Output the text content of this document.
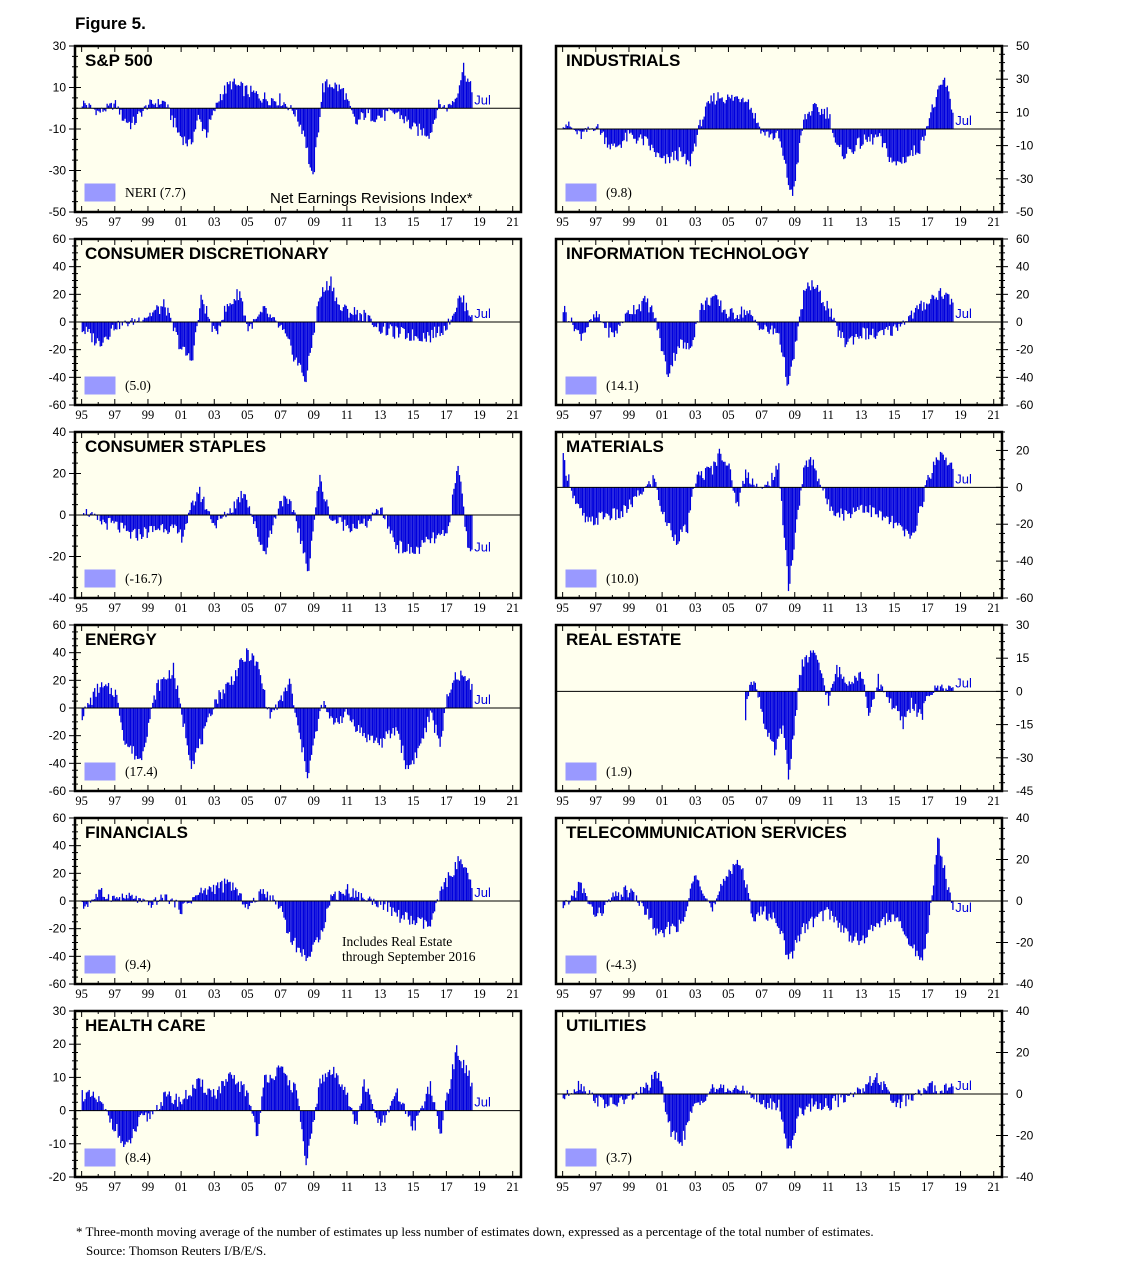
Figure 5.
-50
-30
-10
10
30
95 97 99 01 03 05 07 09 11 13 15 17 19 21
S&P 500
Jul
NERI (7.7)	Net Earnings Revisions Index*
-50
-30
-10
10
30
50
95 97 99 01 03 05 07 09 11 13 15 17 19 21
INDUSTRIALS
Jul
(9.8)
-60
-40
-20
0
20
40
60
95 97 99 01 03 05 07 09 11 13 15 17 19 21
CONSUMER DISCRETIONARY
Jul
(5.0)
-60
-40
-20
0
20
40
60
95 97 99 01 03 05 07 09 11 13 15 17 19 21
INFORMATION TECHNOLOGY
Jul
(14.1)
-40
-20
0
20
40
95 97 99 01 03 05 07 09 11 13 15 17 19 21
CONSUMER STAPLES
Jul
(-16.7)
-60
-40
-20
0
20
95 97 99 01 03 05 07 09 11 13 15 17 19 21
MATERIALS
Jul
(10.0)
-60
-40
-20
0
20
40
60
95 97 99 01 03 05 07 09 11 13 15 17 19 21
ENERGY
Jul
(17.4)
-45
-30
-15
0
15
30
95 97 99 01 03 05 07 09 11 13 15 17 19 21
REAL ESTATE
Jul
(1.9)
-60
-40
-20
0
20
40
60
95 97 99 01 03 05 07 09 11 13 15 17 19 21
FINANCIALS
Jul
(9.4)
Includes Real Estate
through September 2016
-40
-20
0
20
40
95 97 99 01 03 05 07 09 11 13 15 17 19 21
TELECOMMUNICATION SERVICES
Jul
(-4.3)
-20
-10
0
10
20
30
95 97 99 01 03 05 07 09 11 13 15 17 19 21
HEALTH CARE
Jul
(8.4)
-40
-20
0
20
40
95 97 99 01 03 05 07 09 11 13 15 17 19 21
UTILITIES
Jul
(3.7)
* Three-month moving average of the number of estimates up less number of estimates down, expressed as a percentage of the total number of estimates.
Source: Thomson Reuters I/B/E/S.
